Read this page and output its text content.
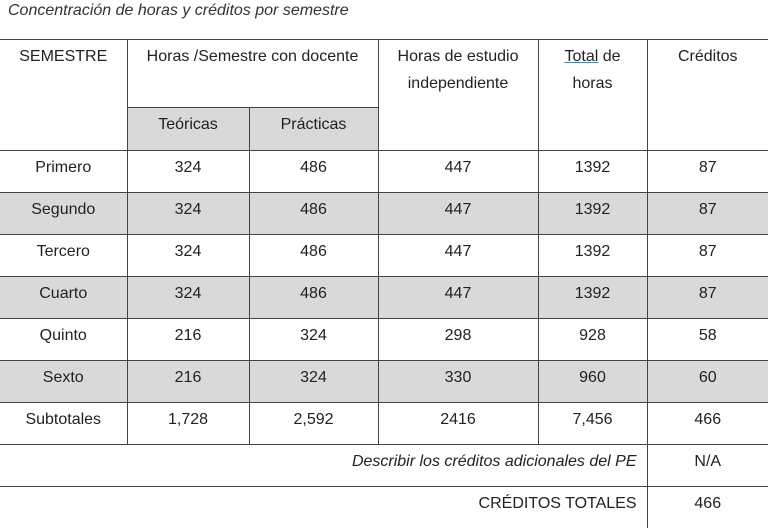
Concentración de horas y créditos por semestre
SEMESTRE	Horas /Semestre con docente		Horas de estudio independiente	Total de horas	Créditos
	Teóricas	Prácticas			
Primero	324	486	447	1392	87
Segundo	324	486	447	1392	87
Tercero	324	486	447	1392	87
Cuarto	324	486	447	1392	87
Quinto	216	324	298	928	58
Sexto	216	324	330	960	60
Subtotales	1,728	2,592	2416	7,456	466
Describir los créditos adicionales del PE					N/A
CRÉDITOS TOTALES					466
